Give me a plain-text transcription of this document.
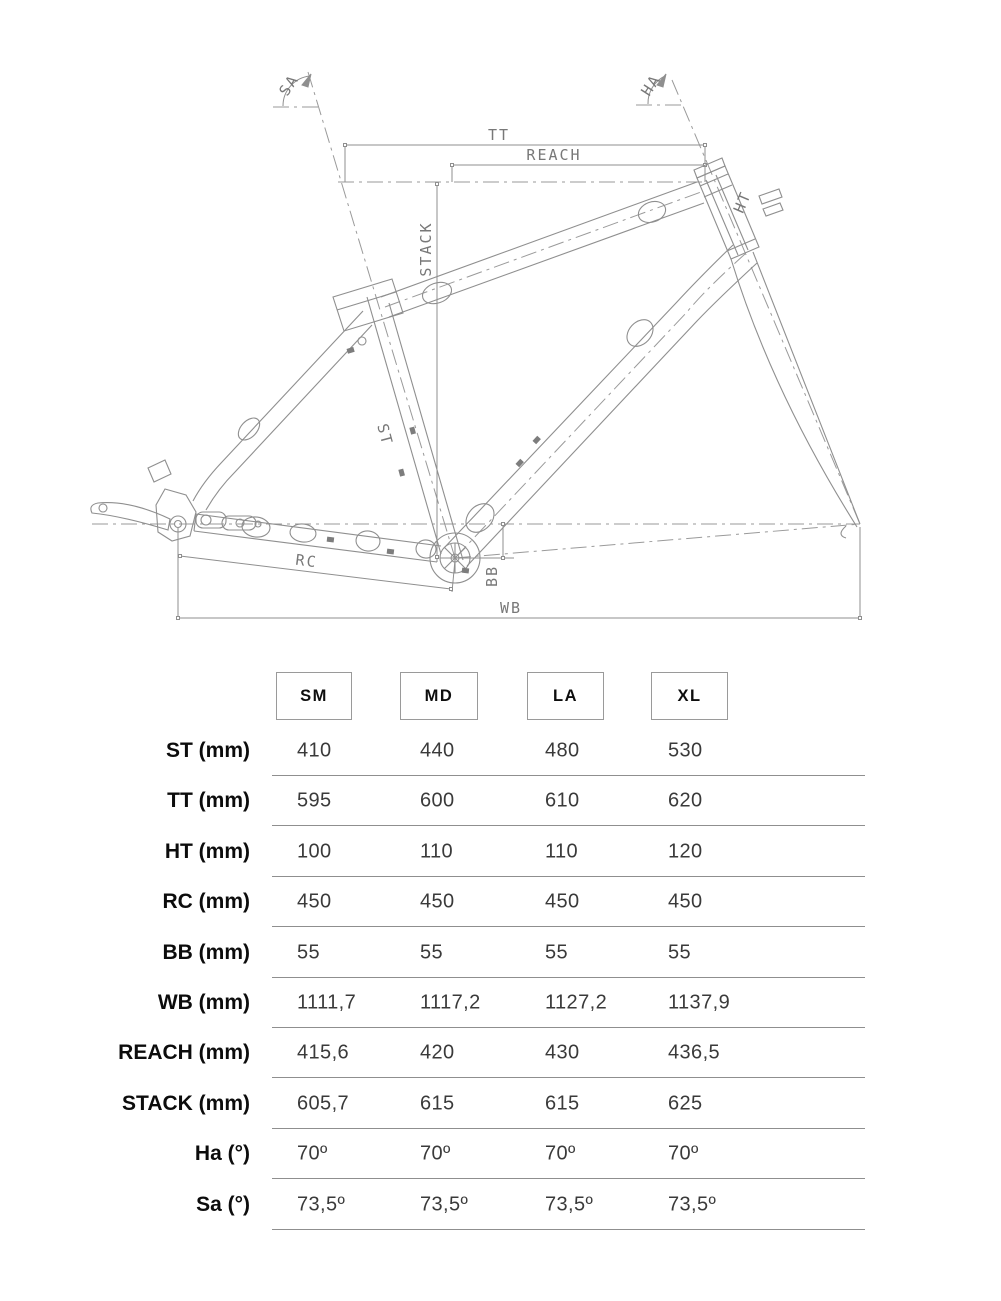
TT
REACH
STACK
ST
HT
RC
BB
WB
SA	HA
SM	MD	LA	XL
ST (mm) 410	440	480	530
TT (mm) 595	600	610	620
HT (mm) 100	110	110	120
RC (mm) 450	450	450	450
BB (mm) 55	55	55	55
WB (mm) 1111,7	1117,2	1127,2	1137,9
REACH (mm) 415,6	420	430	436,5
STACK (mm) 605,7	615	615	625
Ha (°) 70º	70º	70º	70º
Sa (°) 73,5º	73,5º	73,5º	73,5º
